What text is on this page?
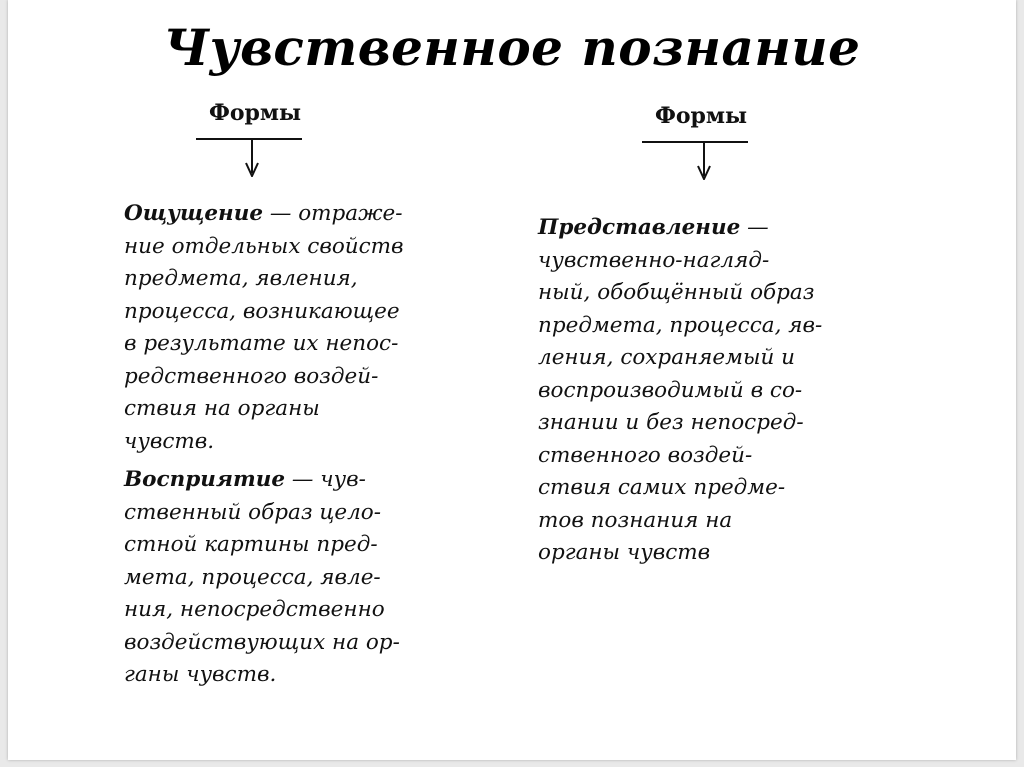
Чувственное познание
Формы	Формы
Ощущение — отраже-
ние отдельных свойств
предмета, явления,
процесса, возникающее
в результате их непос-
редственного воздей-
ствия на органы
чувств.
Восприятие — чув-
ственный образ цело-
стной картины пред-
мета, процесса, явле-
ния, непосредственно
воздействующих на ор-
ганы чувств.
Представление —
чувственно-нагляд-
ный, обобщённый образ
предмета, процесса, яв-
ления, сохраняемый и
воспроизводимый в со-
знании и без непосред-
ственного воздей-
ствия самих предме-
тов познания на
органы чувств
